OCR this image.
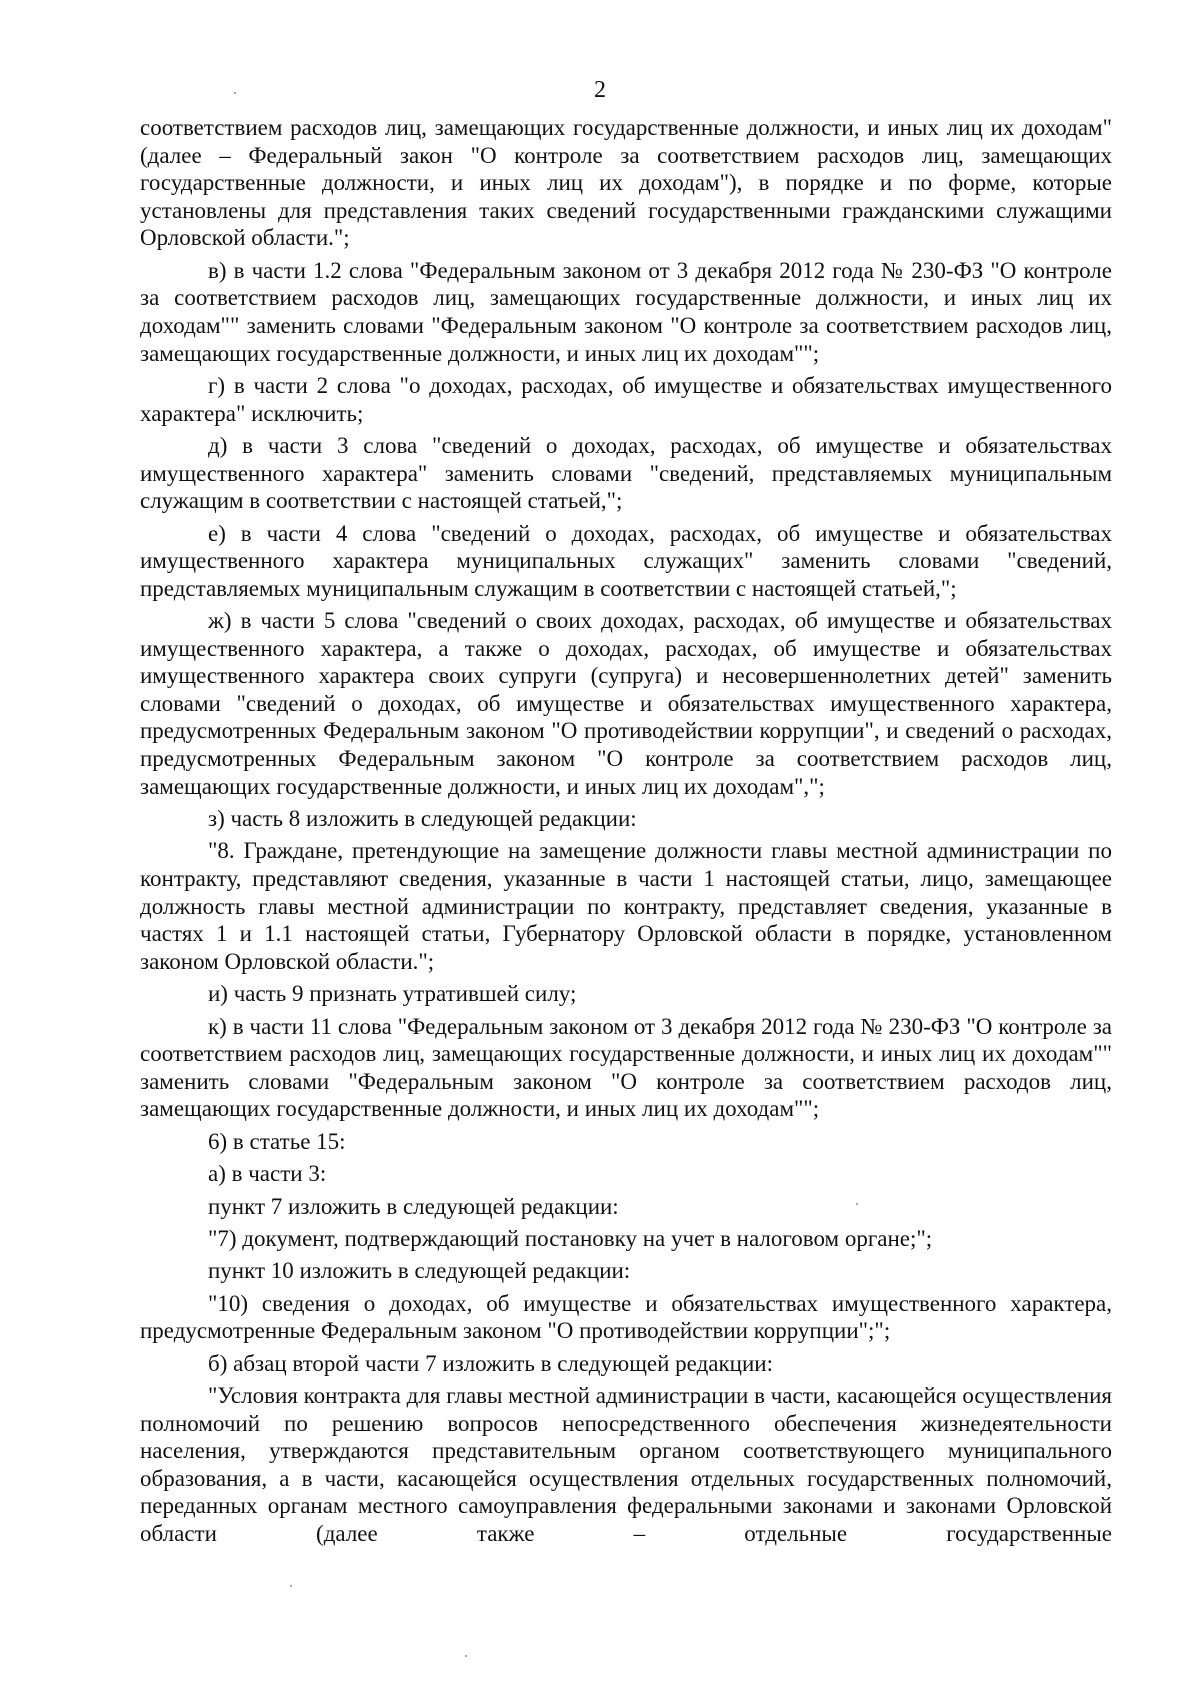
2

соответствием расходов лиц, замещающих государственные должности, и иных лиц их доходам" (далее – Федеральный закон "О контроле за соответствием расходов лиц, замещающих государственные должности, и иных лиц их доходам"), в порядке и по форме, которые установлены для представления таких сведений государственными гражданскими служащими Орловской области.";

в) в части 1.2 слова "Федеральным законом от 3 декабря 2012 года № 230-ФЗ "О контроле за соответствием расходов лиц, замещающих государственные должности, и иных лиц их доходам"" заменить словами "Федеральным законом "О контроле за соответствием расходов лиц, замещающих государственные должности, и иных лиц их доходам"";

г) в части 2 слова "о доходах, расходах, об имуществе и обязательствах имущественного характера" исключить;

д) в части 3 слова "сведений о доходах, расходах, об имуществе и обязательствах имущественного характера" заменить словами "сведений, представляемых муниципальным служащим в соответствии с настоящей статьей,";

е) в части 4 слова "сведений о доходах, расходах, об имуществе и обязательствах имущественного характера муниципальных служащих" заменить словами "сведений, представляемых муниципальным служащим в соответствии с настоящей статьей,";

ж) в части 5 слова "сведений о своих доходах, расходах, об имуществе и обязательствах имущественного характера, а также о доходах, расходах, об имуществе и обязательствах имущественного характера своих супруги (супруга) и несовершеннолетних детей" заменить словами "сведений о доходах, об имуществе и обязательствах имущественного характера, предусмотренных Федеральным законом "О противодействии коррупции", и сведений о расходах, предусмотренных Федеральным законом "О контроле за соответствием расходов лиц, замещающих государственные должности, и иных лиц их доходам",";

з) часть 8 изложить в следующей редакции:

"8. Граждане, претендующие на замещение должности главы местной администрации по контракту, представляют сведения, указанные в части 1 настоящей статьи, лицо, замещающее должность главы местной администрации по контракту, представляет сведения, указанные в частях 1 и 1.1 настоящей статьи, Губернатору Орловской области в порядке, установленном законом Орловской области.";

и) часть 9 признать утратившей силу;

к) в части 11 слова "Федеральным законом от 3 декабря 2012 года № 230-ФЗ "О контроле за соответствием расходов лиц, замещающих государственные должности, и иных лиц их доходам"" заменить словами "Федеральным законом "О контроле за соответствием расходов лиц, замещающих государственные должности, и иных лиц их доходам"";

6) в статье 15:

а) в части 3:

пункт 7 изложить в следующей редакции:

"7) документ, подтверждающий постановку на учет в налоговом органе;";

пункт 10 изложить в следующей редакции:

"10) сведения о доходах, об имуществе и обязательствах имущественного характера, предусмотренные Федеральным законом "О противодействии коррупции";";

б) абзац второй части 7 изложить в следующей редакции:

"Условия контракта для главы местной администрации в части, касающейся осуществления полномочий по решению вопросов непосредственного обеспечения жизнедеятельности населения, утверждаются представительным органом соответствующего муниципального образования, а в части, касающейся осуществления отдельных государственных полномочий, переданных органам местного самоуправления федеральными законами и законами Орловской области (далее также – отдельные государственные
